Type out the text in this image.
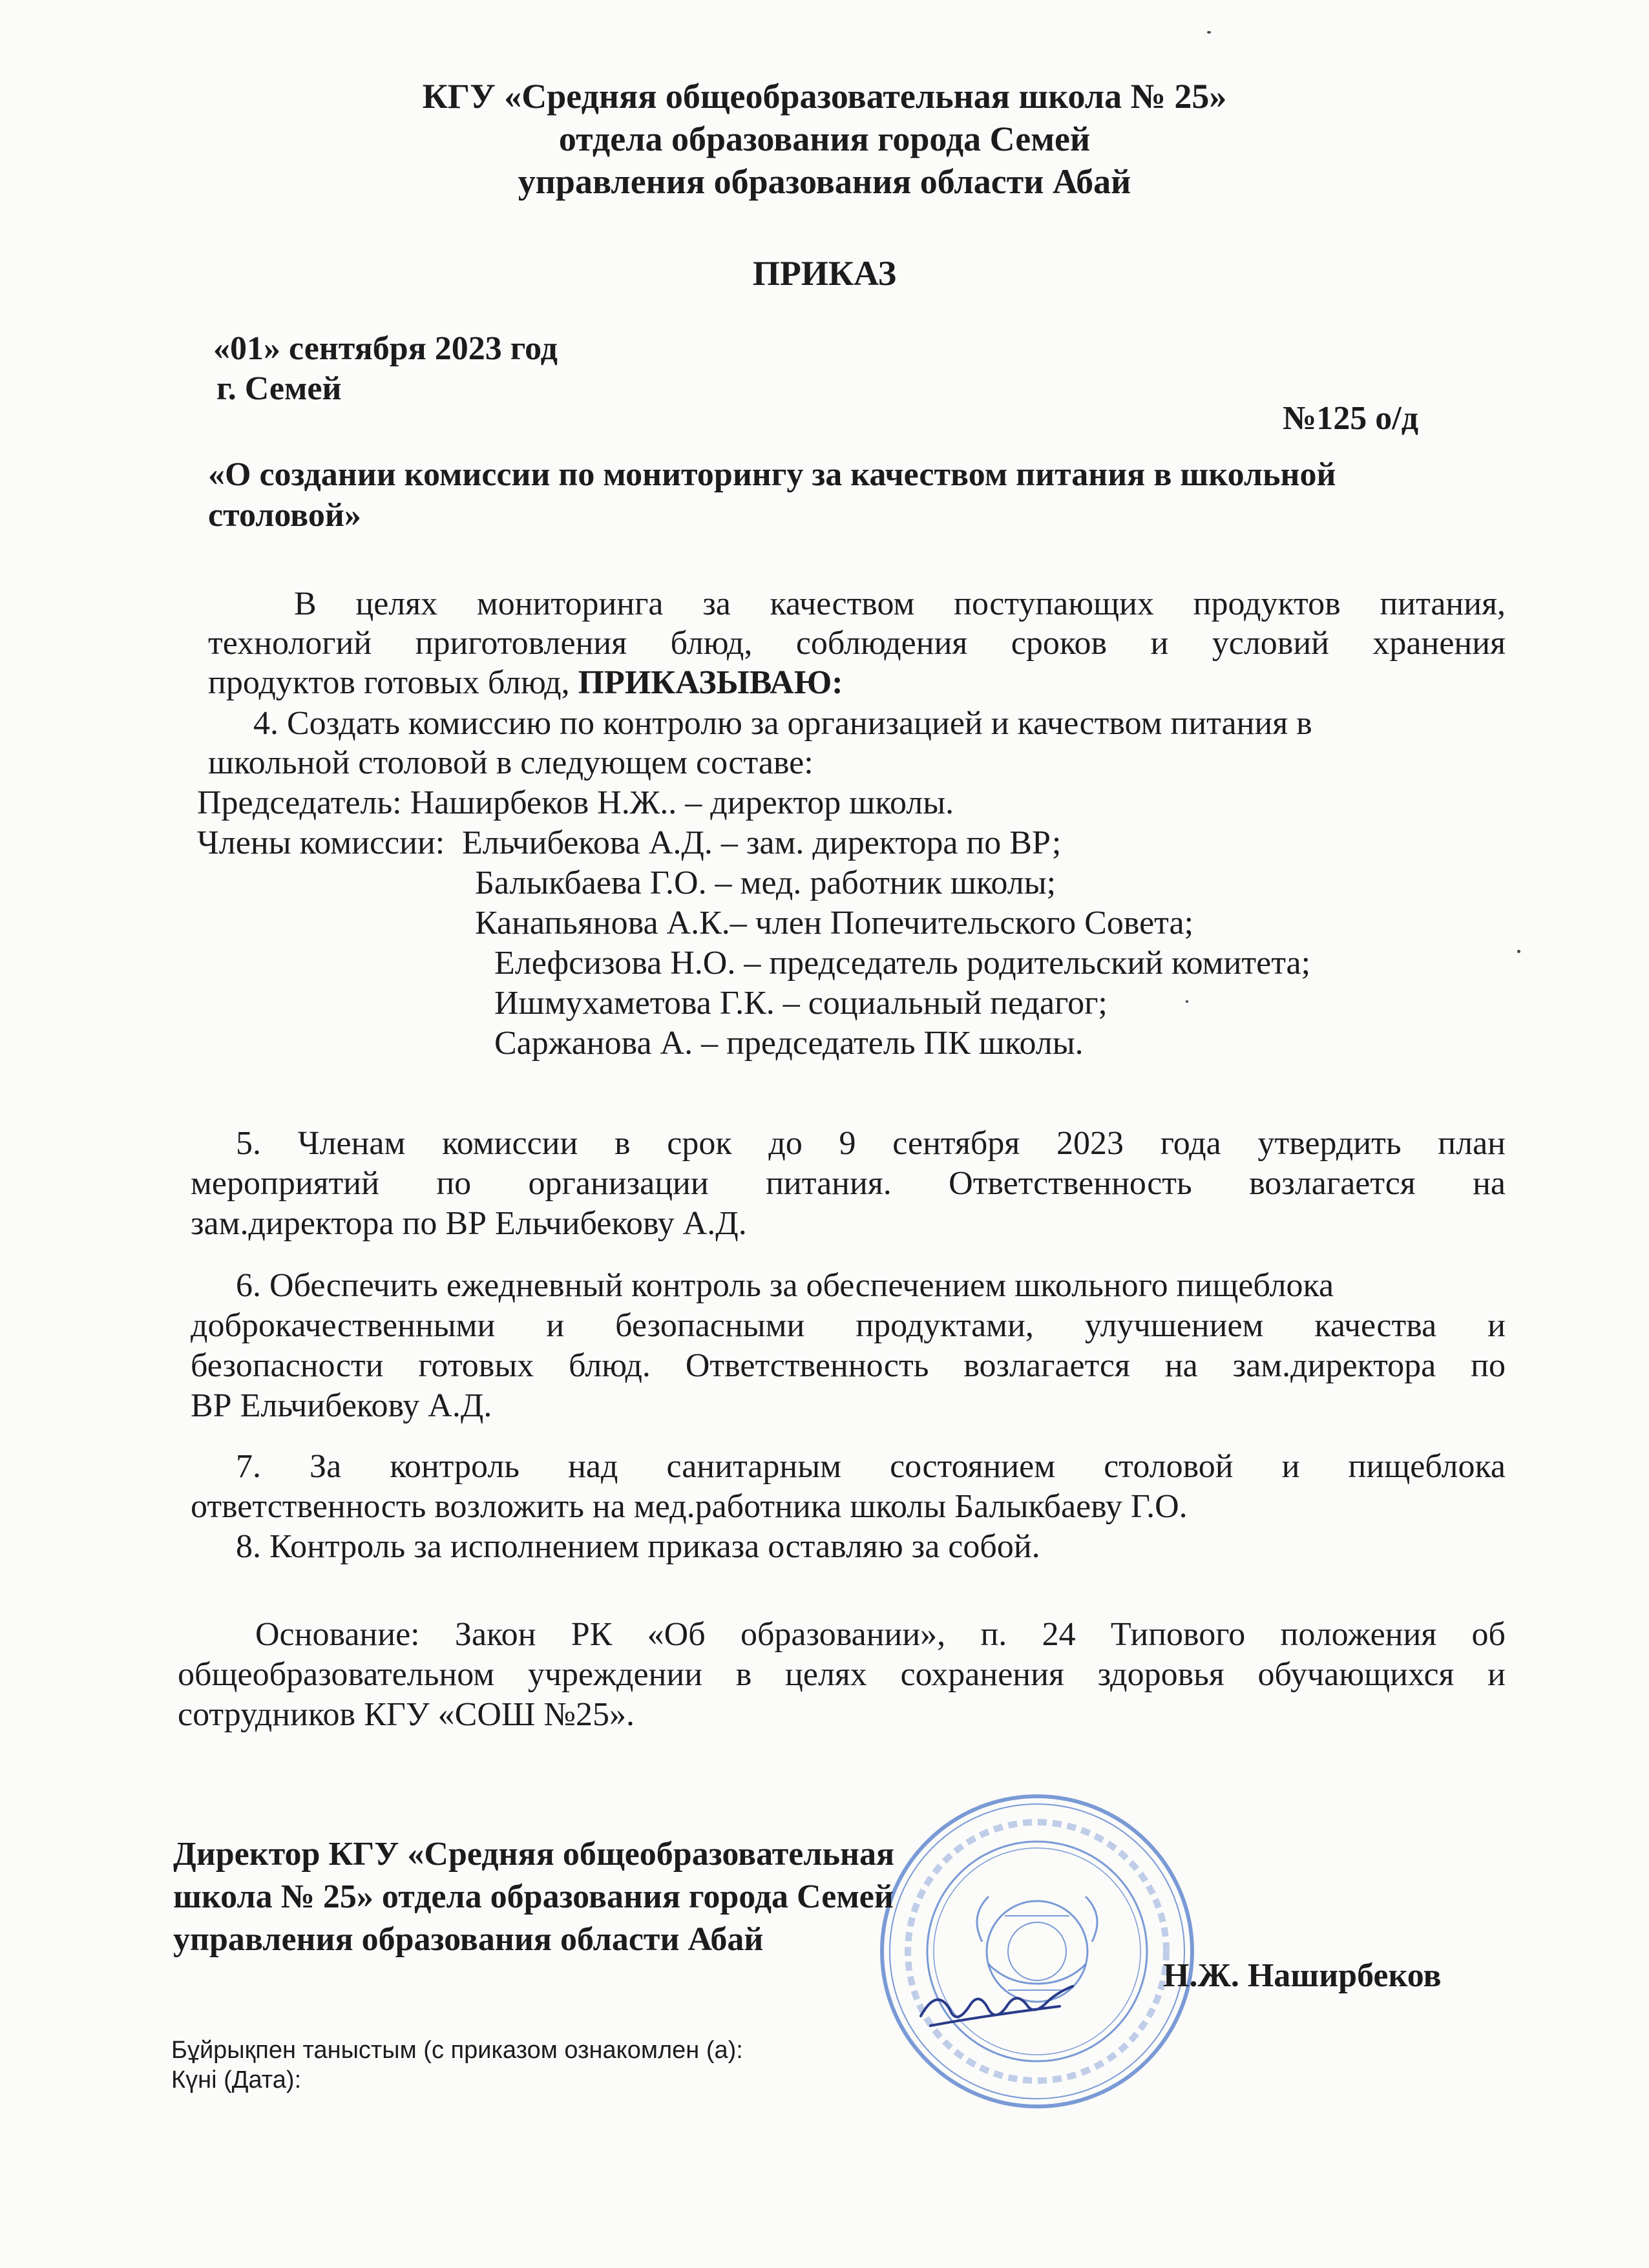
КГУ «Средняя общеобразовательная школа № 25»
отдела образования города Семей
управления образования области Абай
ПРИКАЗ
«01» сентября 2023 год
г. Семей
№125 о/д
«О создании комиссии по мониторингу за качеством питания в школьной
столовой»
В целях мониторинга за качеством поступающих продуктов питания,
технологий приготовления блюд, соблюдения сроков и условий хранения
продуктов готовых блюд, ПРИКАЗЫВАЮ:
4. Создать комиссию по контролю за организацией и качеством питания в
школьной столовой в следующем составе:
Председатель: Наширбеков Н.Ж.. – директор школы.
Члены комиссии: Ельчибекова А.Д. – зам. директора по ВР;
Балыкбаева Г.О. – мед. работник школы;
Канапьянова А.К.– член Попечительского Совета;
Елефсизова Н.О. – председатель родительский комитета;
Ишмухаметова Г.К. – социальный педагог;
Саржанова А. – председатель ПК школы.
5. Членам комиссии в срок до 9 сентября 2023 года утвердить план
мероприятий по организации питания. Ответственность возлагается на
зам.директора по ВР Ельчибекову А.Д.
6. Обеспечить ежедневный контроль за обеспечением школьного пищеблока
доброкачественными и безопасными продуктами, улучшением качества и
безопасности готовых блюд. Ответственность возлагается на зам.директора по
ВР Ельчибекову А.Д.
7. За контроль над санитарным состоянием столовой и пищеблока
ответственность возложить на мед.работника школы Балыкбаеву Г.О.
8. Контроль за исполнением приказа оставляю за собой.
Основание: Закон РК «Об образовании», п. 24 Типового положения об
общеобразовательном учреждении в целях сохранения здоровья обучающихся и
сотрудников КГУ «СОШ №25».
Директор КГУ «Средняя общеобразовательная
школа № 25» отдела образования города Семей
управления образования области Абай
Н.Ж. Наширбеков
Бұйрықпен таныстым (с приказом ознакомлен (а):
Күні (Дата):
